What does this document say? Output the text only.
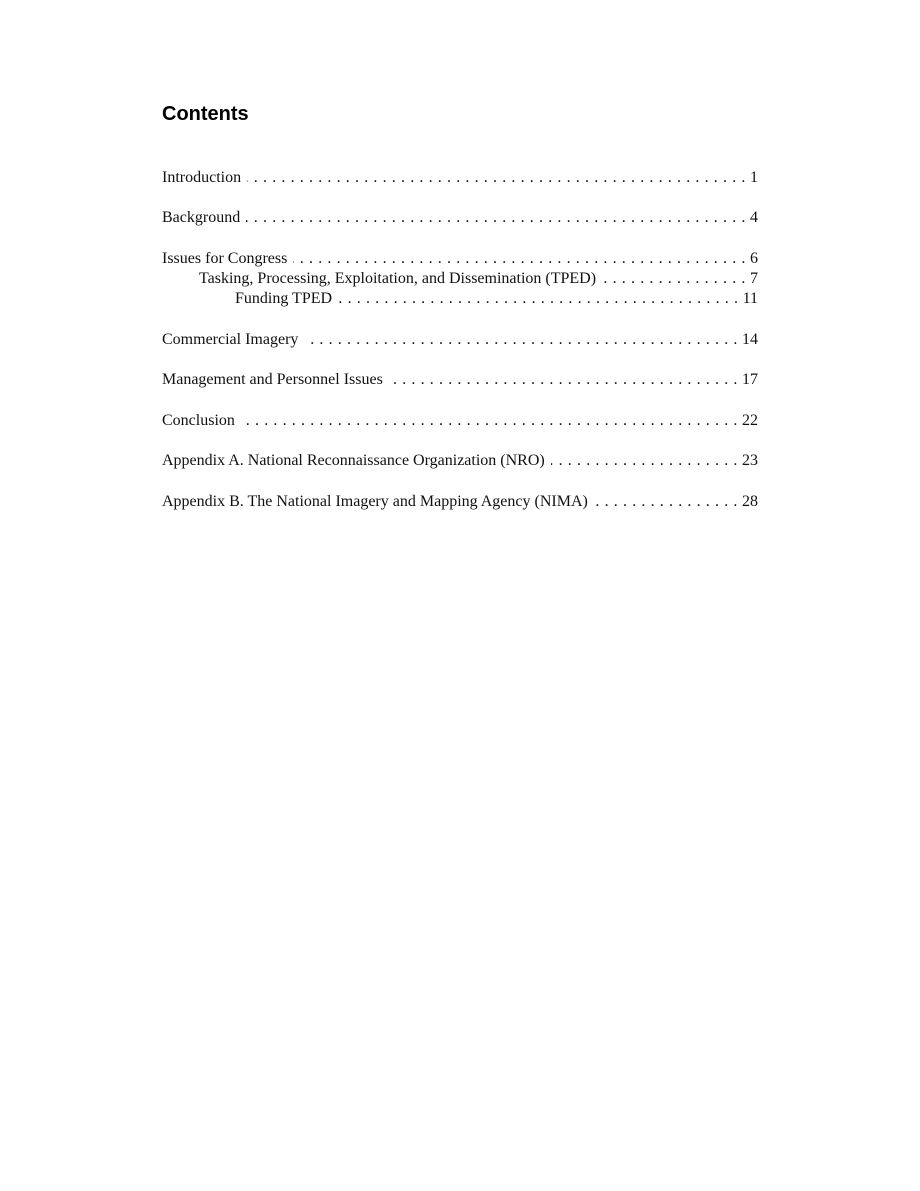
Contents
Introduction . . .	1
Background . . .	4
Issues for Congress . . .	6
Tasking, Processing, Exploitation, and Dissemination (TPED) . . .	7
Funding TPED . . .	11
Commercial Imagery . . .	14
Management and Personnel Issues . . .	17
Conclusion . . .	22
Appendix A. National Reconnaissance Organization (NRO) . . .	23
Appendix B. The National Imagery and Mapping Agency (NIMA) . . .	28
